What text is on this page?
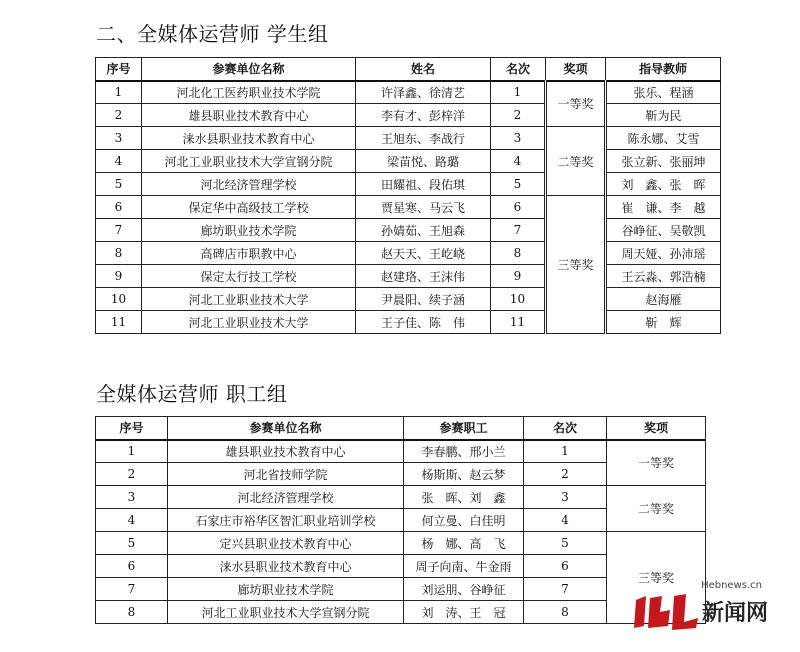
二、全媒体运营师 学生组
序号	参赛单位名称	姓名	名次	奖项	指导教师
1	河北化工医药职业技术学院	许泽鑫、徐清艺	1	一等奖	张乐、程涵
2	雄县职业技术教育中心	李有才、彭梓洋	2		靳为民
3	涞水县职业技术教育中心	王旭东、李战行	3	二等奖	陈永娜、艾雪
4	河北工业职业技术大学宣钢分院	梁苗悦、路璐	4		张立新、张丽坤
5	河北经济管理学校	田耀祖、段佑琪	5		刘　鑫、张　晖
6	保定华中高级技工学校	贾星寒、马云飞	6	三等奖	崔　谦、李　越
7	廊坊职业技术学院	孙婧茹、王旭森	7		谷峥征、吴敬凯
8	高碑店市职教中心	赵天天、王屹峣	8		周天娅、孙沛瑶
9	保定太行技工学校	赵建珞、王沫伟	9		王云淼、郭浩楠
10	河北工业职业技术大学	尹晨阳、续子涵	10		赵海雁
11	河北工业职业技术大学	王子佳、陈　伟	11		靳　辉
全媒体运营师 职工组
序号	参赛单位名称	参赛职工	名次	奖项
1	雄县职业技术教育中心	李春鹏、邢小兰	1	一等奖
2	河北省技师学院	杨斯斯、赵云梦	2	
3	河北经济管理学校	张　晖、刘　鑫	3	二等奖
4	石家庄市裕华区智汇职业培训学校	何立曼、白佳明	4	
5	定兴县职业技术教育中心	杨　娜、高　飞	5	三等奖
6	涞水县职业技术教育中心	周子向南、牛金雨	6	
7	廊坊职业技术学院	刘运朋、谷峥征	7	
8	河北工业职业技术大学宣钢分院	刘　涛、王　冠	8	
Hebnews.cn
新闻网
